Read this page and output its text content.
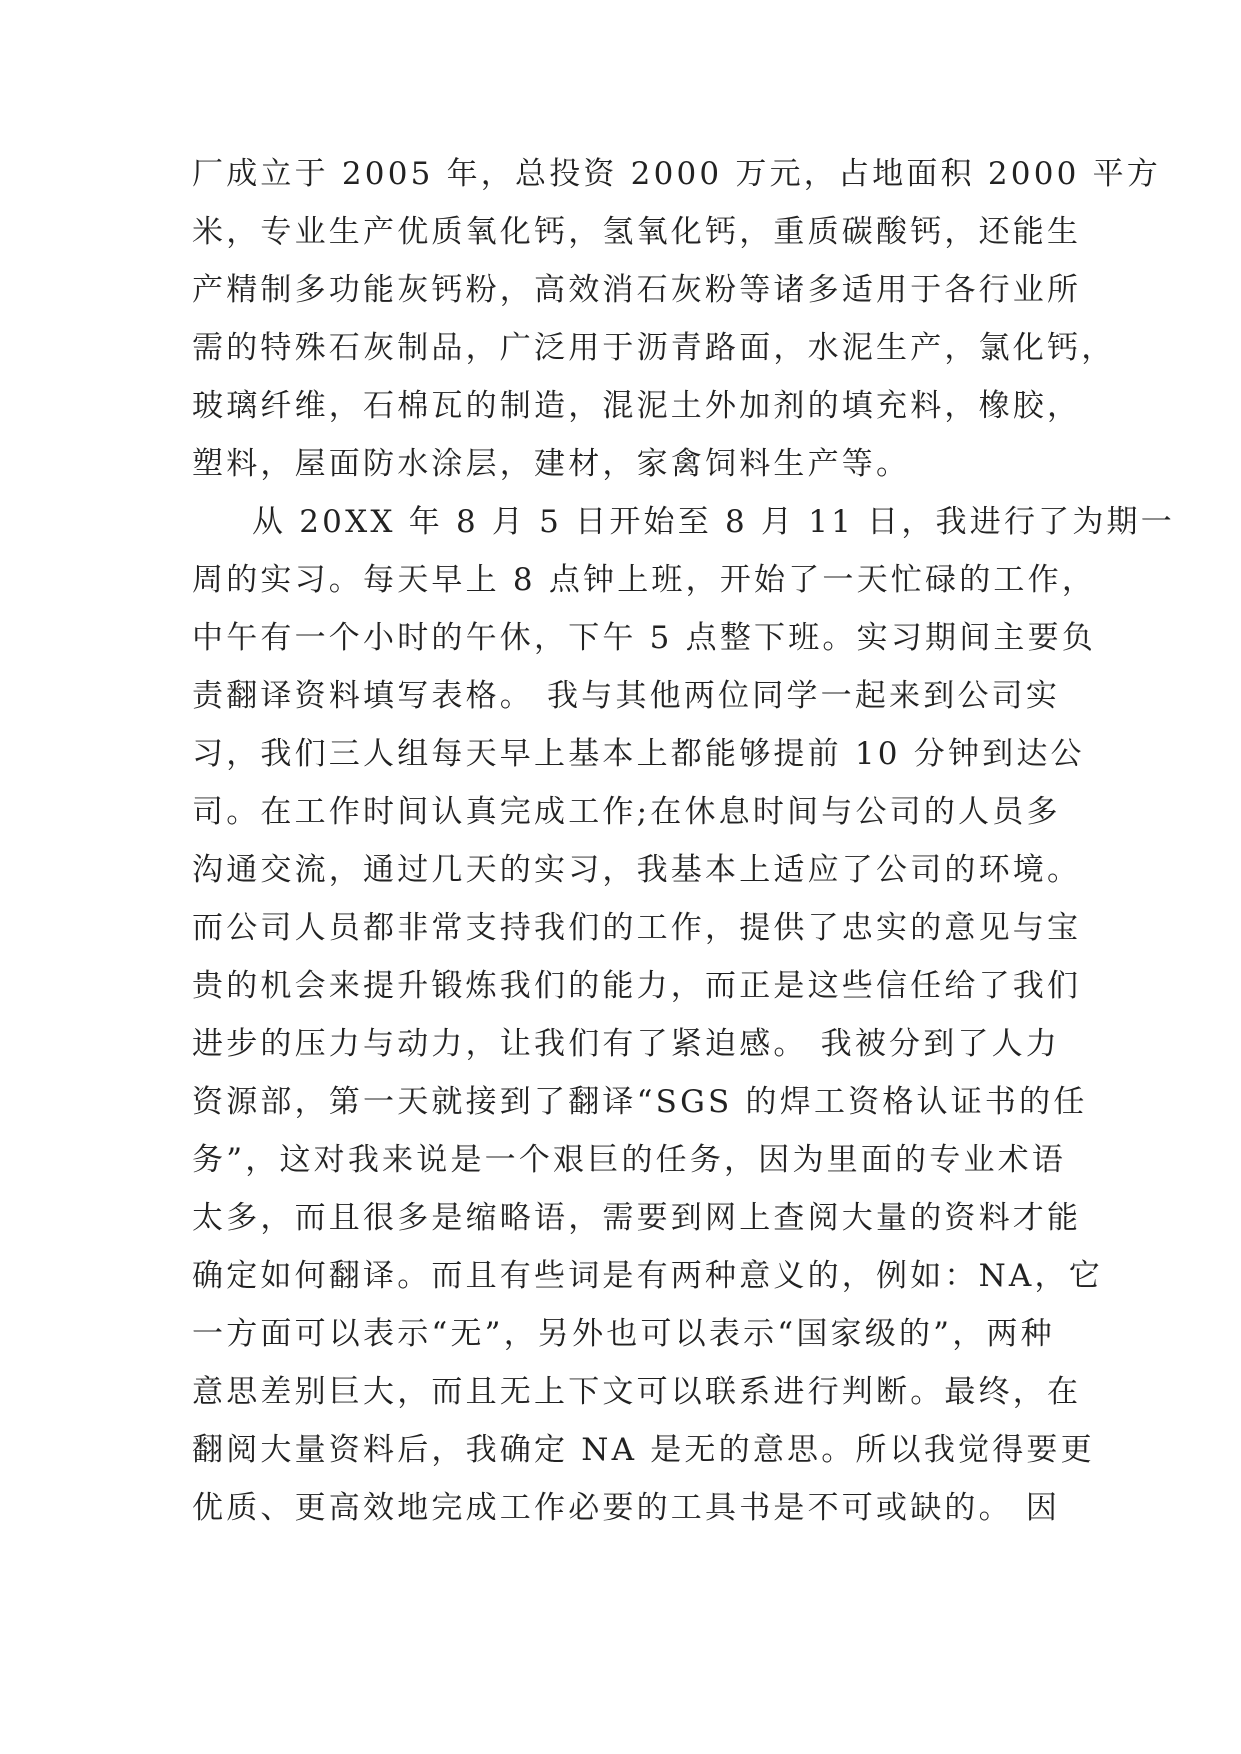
厂成立于 2005 年，总投资 2000 万元，占地面积 2000 平方
米，专业生产优质氧化钙，氢氧化钙，重质碳酸钙，还能生
产精制多功能灰钙粉，高效消石灰粉等诸多适用于各行业所
需的特殊石灰制品，广泛用于沥青路面，水泥生产，氯化钙，
玻璃纤维，石棉瓦的制造，混泥土外加剂的填充料，橡胶，
塑料，屋面防水涂层，建材，家禽饲料生产等。
从 20XX 年 8 月 5 日开始至 8 月 11 日，我进行了为期一
周的实习。每天早上 8 点钟上班，开始了一天忙碌的工作，
中午有一个小时的午休，下午 5 点整下班。实习期间主要负
责翻译资料填写表格。 我与其他两位同学一起来到公司实
习，我们三人组每天早上基本上都能够提前 10 分钟到达公
司。在工作时间认真完成工作;在休息时间与公司的人员多
沟通交流，通过几天的实习，我基本上适应了公司的环境。
而公司人员都非常支持我们的工作，提供了忠实的意见与宝
贵的机会来提升锻炼我们的能力，而正是这些信任给了我们
进步的压力与动力，让我们有了紧迫感。 我被分到了人力
资源部，第一天就接到了翻译“SGS 的焊工资格认证书的任
务”，这对我来说是一个艰巨的任务，因为里面的专业术语
太多，而且很多是缩略语，需要到网上查阅大量的资料才能
确定如何翻译。而且有些词是有两种意义的，例如：NA，它
一方面可以表示“无”，另外也可以表示“国家级的”，两种
意思差别巨大，而且无上下文可以联系进行判断。最终，在
翻阅大量资料后，我确定 NA 是无的意思。所以我觉得要更
优质、更高效地完成工作必要的工具书是不可或缺的。 因
